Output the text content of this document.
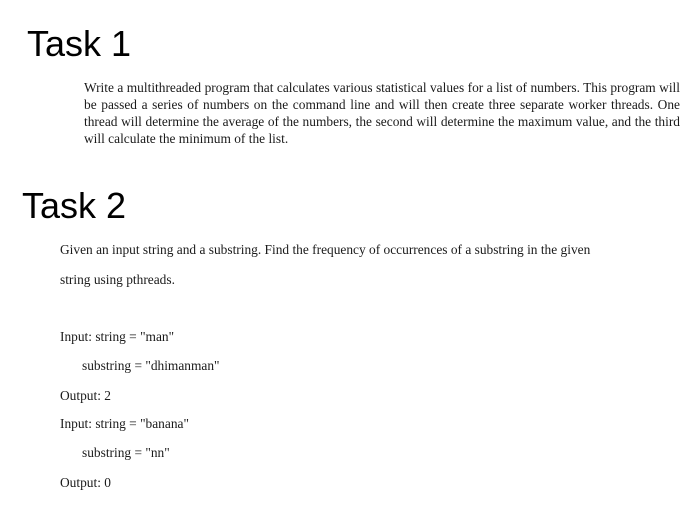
Task 1

Write a multithreaded program that calculates various statistical values for a list of numbers. This program will be passed a series of numbers on the command line and will then create three separate worker threads. One thread will determine the average of the numbers, the second will determine the maximum value, and the third will calculate the minimum of the list.

Task 2

Given an input string and a substring. Find the frequency of occurrences of a substring in the given

string using pthreads.

Input: string = "man"

substring = "dhimanman"

Output: 2

Input: string = "banana"

substring = "nn"

Output: 0
